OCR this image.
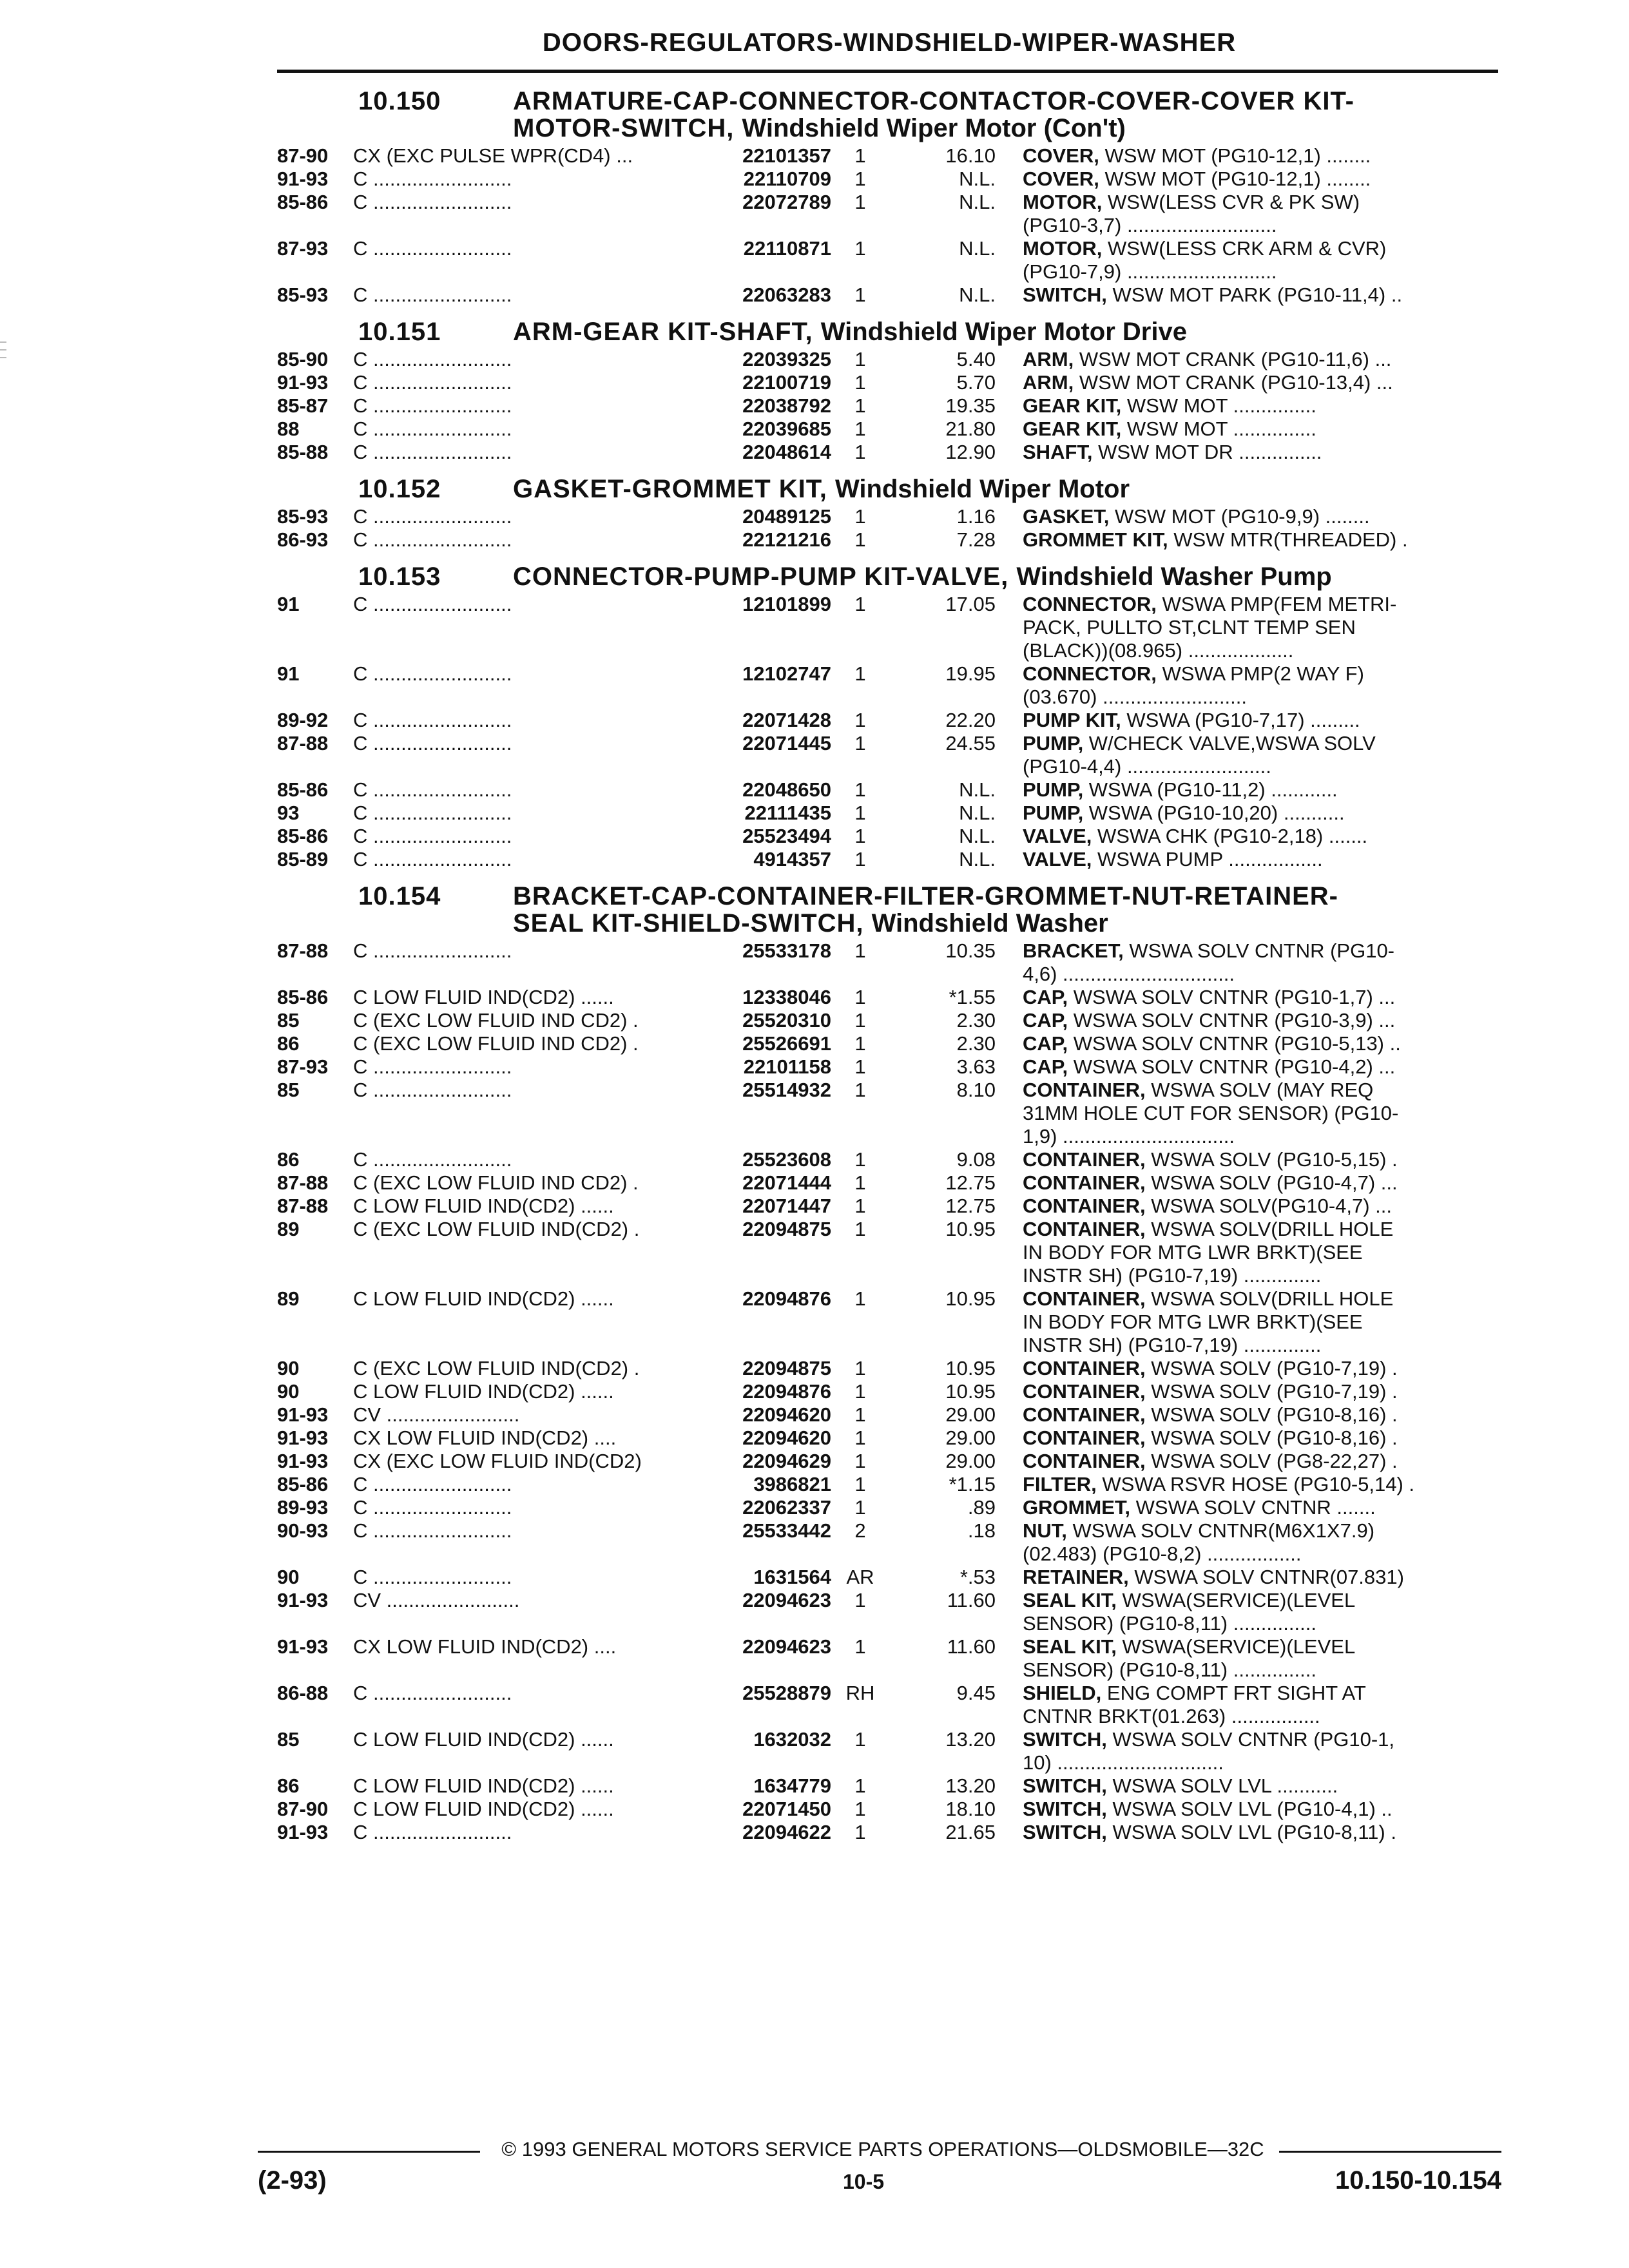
DOORS-REGULATORS-WINDSHIELD-WIPER-WASHER
10.150	ARMATURE-CAP-CONNECTOR-CONTACTOR-COVER-COVER KIT-
MOTOR-SWITCH, Windshield Wiper Motor (Con't)
87-90 CX (EXC PULSE WPR(CD4) ...	22101357	1	16.10 COVER, WSW MOT (PG10-12,1) ........
91-93 C .........................	22110709	1	N.L. COVER, WSW MOT (PG10-12,1) ........
85-86 C .........................	22072789	1	N.L. MOTOR, WSW(LESS CVR & PK SW)
(PG10-3,7) ...........................
87-93 C .........................	22110871	1	N.L. MOTOR, WSW(LESS CRK ARM & CVR)
(PG10-7,9) ...........................
85-93 C .........................	22063283	1	N.L. SWITCH, WSW MOT PARK (PG10-11,4) ..
10.151	ARM-GEAR KIT-SHAFT, Windshield Wiper Motor Drive
85-90 C .........................	22039325	1	5.40 ARM, WSW MOT CRANK (PG10-11,6) ...
91-93 C .........................	22100719	1	5.70 ARM, WSW MOT CRANK (PG10-13,4) ...
85-87 C .........................	22038792	1	19.35 GEAR KIT, WSW MOT ...............
88	C .........................	22039685	1	21.80 GEAR KIT, WSW MOT ...............
85-88 C .........................	22048614	1	12.90 SHAFT, WSW MOT DR ...............
10.152	GASKET-GROMMET KIT, Windshield Wiper Motor
85-93 C .........................	20489125	1	1.16 GASKET, WSW MOT (PG10-9,9) ........
86-93 C .........................	22121216	1	7.28 GROMMET KIT, WSW MTR(THREADED) .
10.153	CONNECTOR-PUMP-PUMP KIT-VALVE, Windshield Washer Pump
91	C .........................	12101899	1	17.05 CONNECTOR, WSWA PMP(FEM METRI-
PACK, PULLTO ST,CLNT TEMP SEN
(BLACK))(08.965) ...................
91	C .........................	12102747	1	19.95 CONNECTOR, WSWA PMP(2 WAY F)
(03.670) ..........................
89-92 C .........................	22071428	1	22.20 PUMP KIT, WSWA (PG10-7,17) .........
87-88 C .........................	22071445	1	24.55 PUMP, W/CHECK VALVE,WSWA SOLV
(PG10-4,4) ..........................
85-86 C .........................	22048650	1	N.L. PUMP, WSWA (PG10-11,2) ............
93	C .........................	22111435	1	N.L. PUMP, WSWA (PG10-10,20) ...........
85-86 C .........................	25523494	1	N.L. VALVE, WSWA CHK (PG10-2,18) .......
85-89 C .........................	4914357	1	N.L. VALVE, WSWA PUMP .................
10.154	BRACKET-CAP-CONTAINER-FILTER-GROMMET-NUT-RETAINER-
SEAL KIT-SHIELD-SWITCH, Windshield Washer
87-88 C .........................	25533178	1	10.35 BRACKET, WSWA SOLV CNTNR (PG10-
4,6) ...............................
85-86 C LOW FLUID IND(CD2) ......	12338046	1	*1.55 CAP, WSWA SOLV CNTNR (PG10-1,7) ...
85	C (EXC LOW FLUID IND CD2) .	25520310	1	2.30 CAP, WSWA SOLV CNTNR (PG10-3,9) ...
86	C (EXC LOW FLUID IND CD2) .	25526691	1	2.30 CAP, WSWA SOLV CNTNR (PG10-5,13) ..
87-93 C .........................	22101158	1	3.63 CAP, WSWA SOLV CNTNR (PG10-4,2) ...
85	C .........................	25514932	1	8.10 CONTAINER, WSWA SOLV (MAY REQ
31MM HOLE CUT FOR SENSOR) (PG10-
1,9) ...............................
86	C .........................	25523608	1	9.08 CONTAINER, WSWA SOLV (PG10-5,15) .
87-88 C (EXC LOW FLUID IND CD2) .	22071444	1	12.75 CONTAINER, WSWA SOLV (PG10-4,7) ...
87-88 C LOW FLUID IND(CD2) ......	22071447	1	12.75 CONTAINER, WSWA SOLV(PG10-4,7) ...
89	C (EXC LOW FLUID IND(CD2) .	22094875	1	10.95 CONTAINER, WSWA SOLV(DRILL HOLE
IN BODY FOR MTG LWR BRKT)(SEE
INSTR SH) (PG10-7,19) ..............
89	C LOW FLUID IND(CD2) ......	22094876	1	10.95 CONTAINER, WSWA SOLV(DRILL HOLE
IN BODY FOR MTG LWR BRKT)(SEE
INSTR SH) (PG10-7,19) ..............
90	C (EXC LOW FLUID IND(CD2) .	22094875	1	10.95 CONTAINER, WSWA SOLV (PG10-7,19) .
90	C LOW FLUID IND(CD2) ......	22094876	1	10.95 CONTAINER, WSWA SOLV (PG10-7,19) .
91-93 CV ........................	22094620	1	29.00 CONTAINER, WSWA SOLV (PG10-8,16) .
91-93 CX LOW FLUID IND(CD2) ....	22094620	1	29.00 CONTAINER, WSWA SOLV (PG10-8,16) .
91-93 CX (EXC LOW FLUID IND(CD2)	22094629	1	29.00 CONTAINER, WSWA SOLV (PG8-22,27) .
85-86 C .........................	3986821	1	*1.15 FILTER, WSWA RSVR HOSE (PG10-5,14) .
89-93 C .........................	22062337	1	.89 GROMMET, WSWA SOLV CNTNR .......
90-93 C .........................	25533442	2	.18 NUT, WSWA SOLV CNTNR(M6X1X7.9)
(02.483) (PG10-8,2) .................
90	C .........................	1631564 AR	*.53 RETAINER, WSWA SOLV CNTNR(07.831)
91-93 CV ........................	22094623	1	11.60 SEAL KIT, WSWA(SERVICE)(LEVEL
SENSOR) (PG10-8,11) ...............
91-93 CX LOW FLUID IND(CD2) ....	22094623	1	11.60 SEAL KIT, WSWA(SERVICE)(LEVEL
SENSOR) (PG10-8,11) ...............
86-88 C .........................	25528879 RH	9.45 SHIELD, ENG COMPT FRT SIGHT AT
CNTNR BRKT(01.263) ................
85	C LOW FLUID IND(CD2) ......	1632032	1	13.20 SWITCH, WSWA SOLV CNTNR (PG10-1,
10) ..............................
86	C LOW FLUID IND(CD2) ......	1634779	1	13.20 SWITCH, WSWA SOLV LVL ...........
87-90 C LOW FLUID IND(CD2) ......	22071450	1	18.10 SWITCH, WSWA SOLV LVL (PG10-4,1) ..
91-93 C .........................	22094622	1	21.65 SWITCH, WSWA SOLV LVL (PG10-8,11) .
© 1993 GENERAL MOTORS SERVICE PARTS OPERATIONS—OLDSMOBILE—32C
(2-93)	10-5	10.150-10.154
